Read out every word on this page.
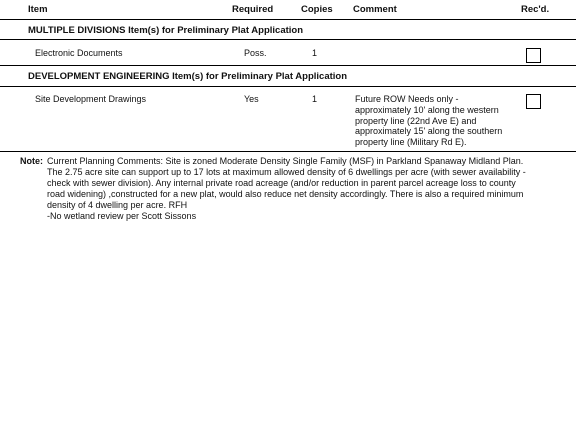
Item	Required	Copies Comment	Rec'd.
MULTIPLE DIVISIONS Item(s) for Preliminary Plat Application
Electronic Documents	Poss.	1
DEVELOPMENT ENGINEERING Item(s) for Preliminary Plat Application
Site Development Drawings	Yes	1	Future ROW Needs only - approximately 10' along the western property line (22nd Ave E) and approximately 15' along the southern property line (Military Rd E).
Note: Current Planning Comments: Site is zoned Moderate Density Single Family (MSF) in Parkland Spanaway Midland Plan.

The 2.75 acre site can support up to 17 lots at maximum allowed density of 6 dwellings per acre (with sewer availability -

check with sewer division). Any internal private road acreage (and/or reduction in parent parcel acreage loss to county

road widening) ,constructed for a new plat, would also reduce net density accordingly. There is also a required minimum

density of 4 dwelling per acre. RFH

-No wetland review per Scott Sissons
